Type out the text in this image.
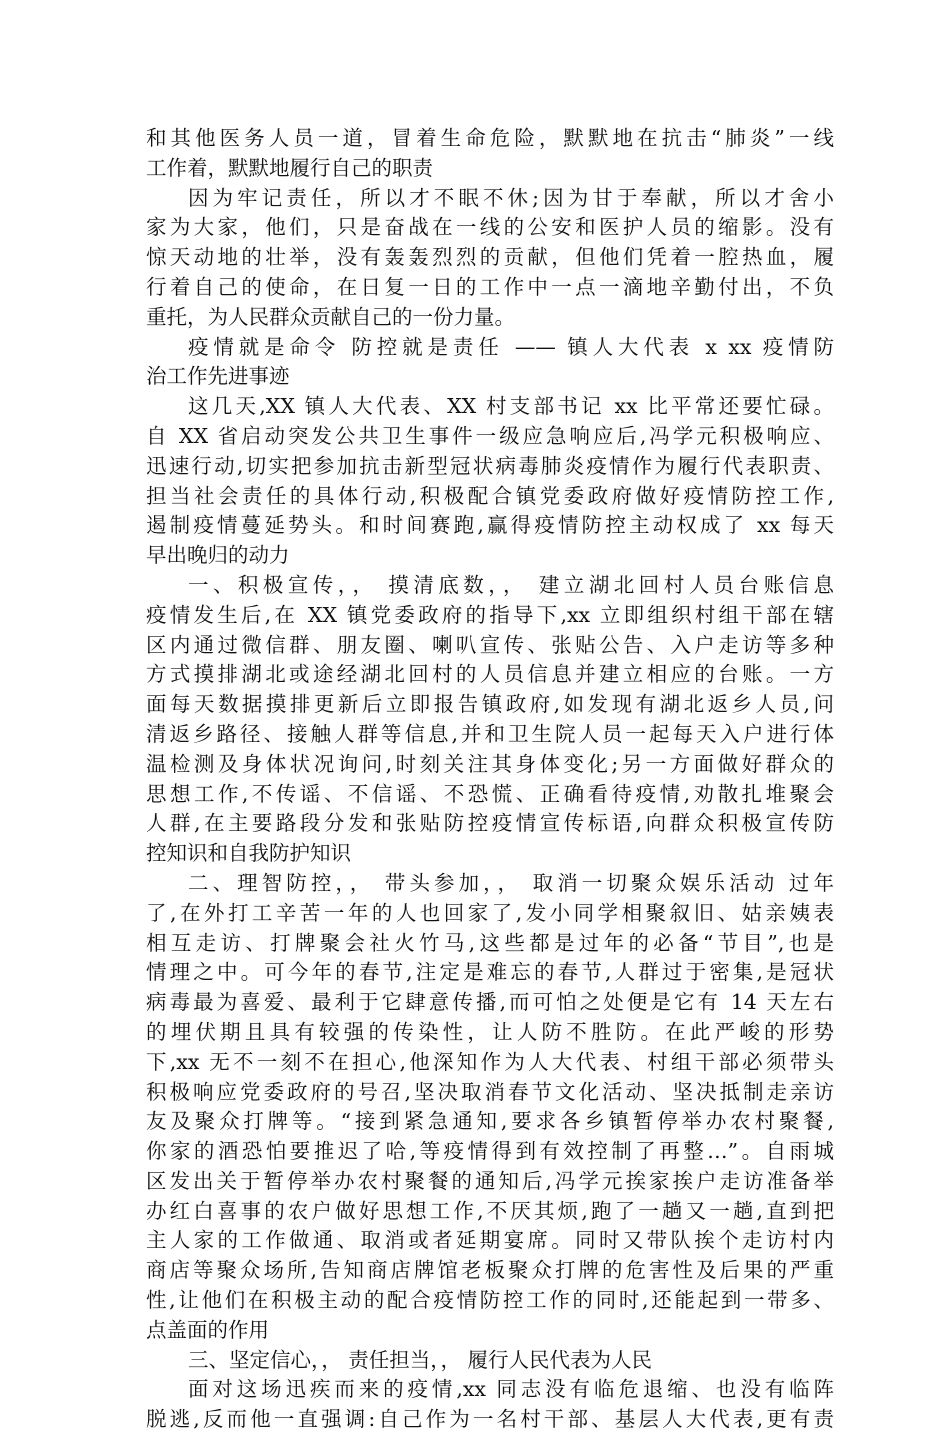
和其他医务人员一道，冒着生命危险，默默地在抗击“肺炎”一线
工作着，默默地履行自己的职责
因为牢记责任，所以才不眠不休;因为甘于奉献，所以才舍小
家为大家，他们，只是奋战在一线的公安和医护人员的缩影。没有
惊天动地的壮举，没有轰轰烈烈的贡献，但他们凭着一腔热血，履
行着自己的使命，在日复一日的工作中一点一滴地辛勤付出，不负
重托，为人民群众贡献自己的一份力量。
疫情就是命令 防控就是责任 —— 镇人大代表 x xx 疫情防
治工作先进事迹
这几天,XX 镇人大代表、XX 村支部书记 xx 比平常还要忙碌。
自 XX 省启动突发公共卫生事件一级应急响应后,冯学元积极响应、
迅速行动,切实把参加抗击新型冠状病毒肺炎疫情作为履行代表职责、
担当社会责任的具体行动,积极配合镇党委政府做好疫情防控工作,
遏制疫情蔓延势头。和时间赛跑,赢得疫情防控主动权成了 xx 每天
早出晚归的动力
一、积极宣传，， 摸清底数，， 建立湖北回村人员台账信息
疫情发生后,在 XX 镇党委政府的指导下,xx 立即组织村组干部在辖
区内通过微信群、朋友圈、喇叭宣传、张贴公告、入户走访等多种
方式摸排湖北或途经湖北回村的人员信息并建立相应的台账。一方
面每天数据摸排更新后立即报告镇政府,如发现有湖北返乡人员,问
清返乡路径、接触人群等信息,并和卫生院人员一起每天入户进行体
温检测及身体状况询问,时刻关注其身体变化;另一方面做好群众的
思想工作,不传谣、不信谣、不恐慌、正确看待疫情,劝散扎堆聚会
人群,在主要路段分发和张贴防控疫情宣传标语,向群众积极宣传防
控知识和自我防护知识
二、理智防控，， 带头参加，， 取消一切聚众娱乐活动 过年
了,在外打工辛苦一年的人也回家了,发小同学相聚叙旧、姑亲姨表
相互走访、打牌聚会社火竹马,这些都是过年的必备“节目”,也是
情理之中。可今年的春节,注定是难忘的春节,人群过于密集,是冠状
病毒最为喜爱、最利于它肆意传播,而可怕之处便是它有 14 天左右
的埋伏期且具有较强的传染性，让人防不胜防。在此严峻的形势
下,xx 无不一刻不在担心,他深知作为人大代表、村组干部必须带头
积极响应党委政府的号召,坚决取消春节文化活动、坚决抵制走亲访
友及聚众打牌等。“接到紧急通知,要求各乡镇暂停举办农村聚餐,
你家的酒恐怕要推迟了哈,等疫情得到有效控制了再整…”。自雨城
区发出关于暂停举办农村聚餐的通知后,冯学元挨家挨户走访准备举
办红白喜事的农户做好思想工作,不厌其烦,跑了一趟又一趟,直到把
主人家的工作做通、取消或者延期宴席。同时又带队挨个走访村内
商店等聚众场所,告知商店牌馆老板聚众打牌的危害性及后果的严重
性,让他们在积极主动的配合疫情防控工作的同时,还能起到一带多、
点盖面的作用
三、坚定信心，， 责任担当，， 履行人民代表为人民
面对这场迅疾而来的疫情,xx 同志没有临危退缩、也没有临阵
脱逃,反而他一直强调:自己作为一名村干部、基层人大代表,更有责
